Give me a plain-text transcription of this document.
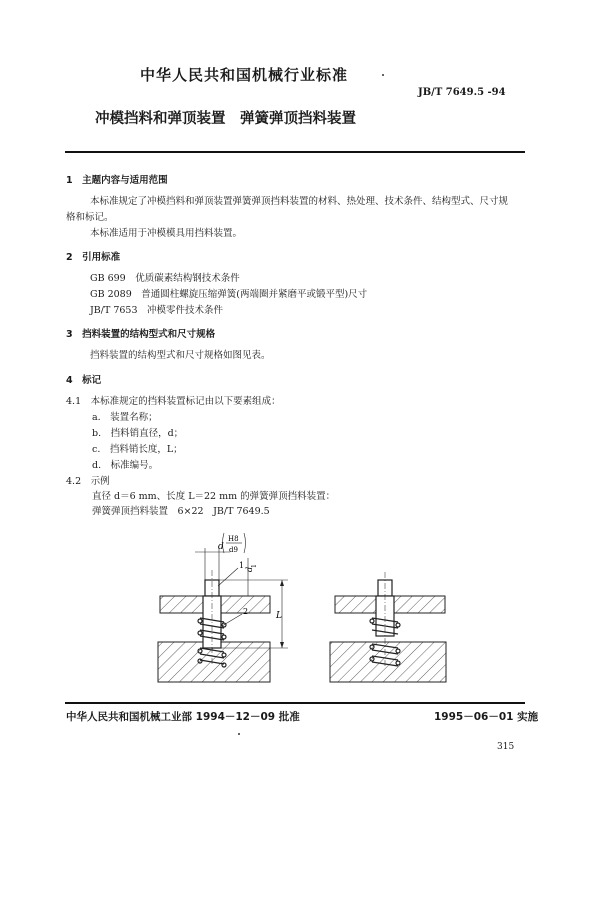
中华人民共和国机械行业标准
JB/T 7649.5 -94
冲模挡料和弹顶装置　弹簧弹顶挡料装置
1　主题内容与适用范围
本标准规定了冲模挡料和弹顶装置弹簧弹顶挡料装置的材料、热处理、技术条件、结构型式、尺寸规
格和标记。
本标准适用于冲模模具用挡料装置。
2　引用标准
GB 699　优质碳素结构钢技术条件
GB 2089　普通圆柱螺旋压缩弹簧(两端圈并紧磨平或锻平型)尺寸
JB/T 7653　冲模零件技术条件
3　挡料装置的结构型式和尺寸规格
挡料装置的结构型式和尺寸规格如图见表。
4　标记
4.1　本标准规定的挡料装置标记由以下要素组成：
a.　装置名称；
b.　挡料销直径，d；
c.　挡料销长度，L；
d.　标准编号。
4.2　示例
直径 d＝6 mm、长度 L＝22 mm 的弹簧弹顶挡料装置：
弹簧弹顶挡料装置　6×22　JB/T 7649.5
d
H8
d9
1
2	L
d
1
中华人民共和国机械工业部 1994－12－09 批准	1995－06－01 实施
315
